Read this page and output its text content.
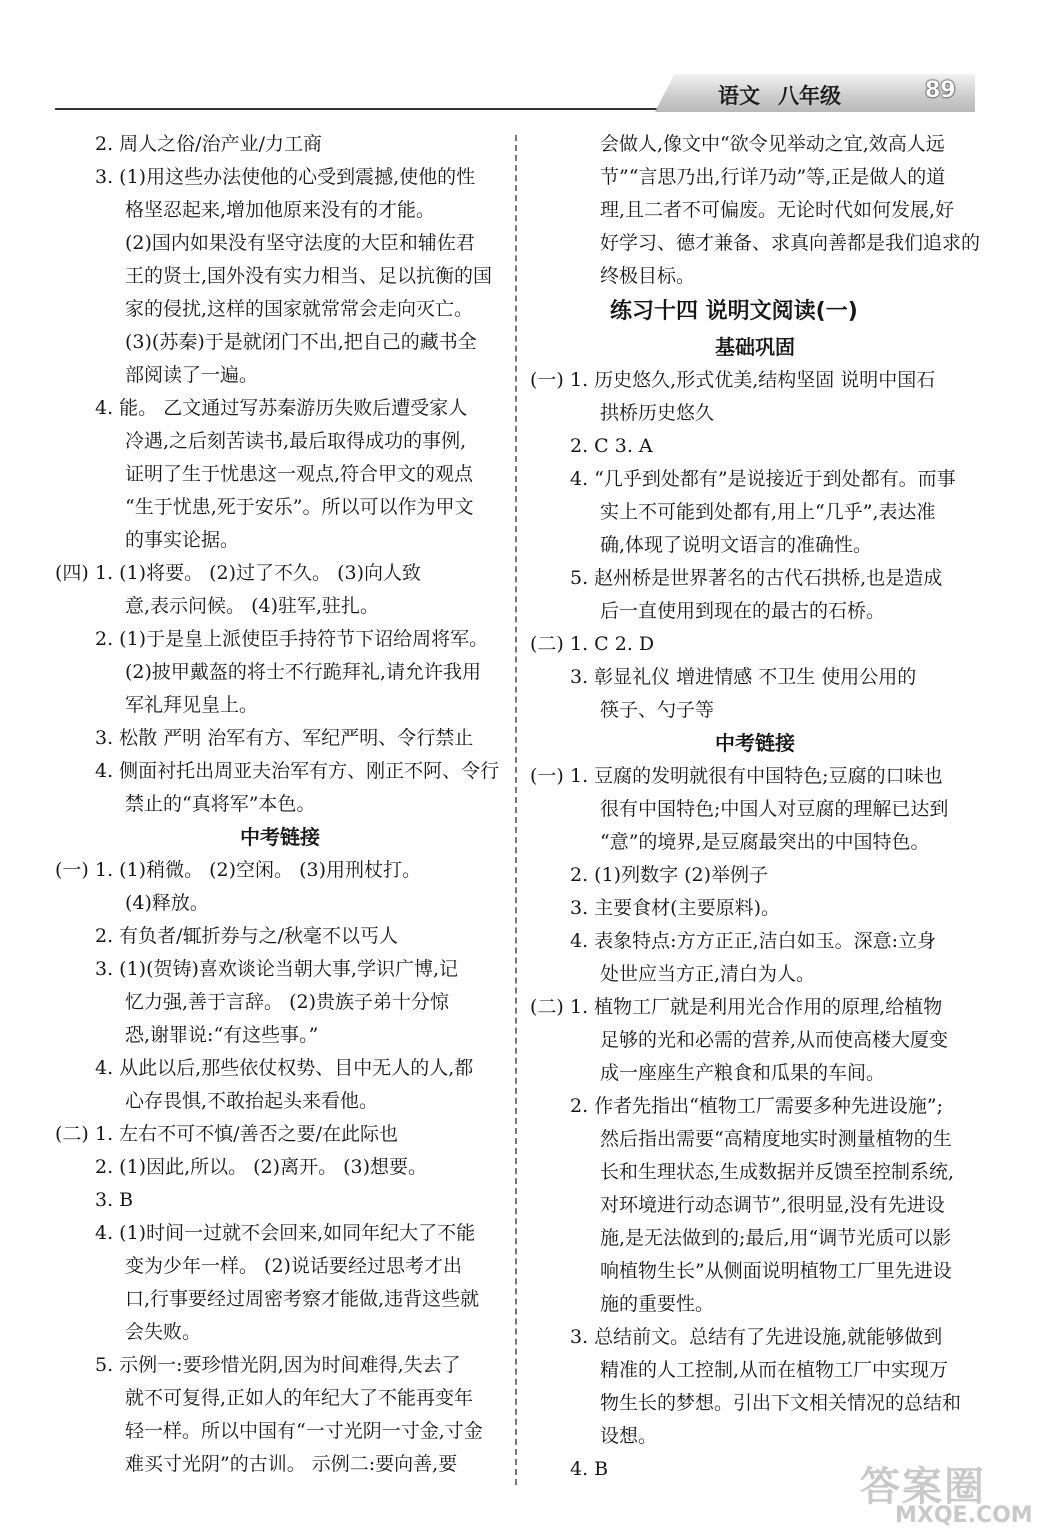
语文 八年级	89
2. 周人之俗/治产业/力工商
3. (1)用这些办法使他的心受到震撼,使他的性
格坚忍起来,增加他原来没有的才能。
(2)国内如果没有坚守法度的大臣和辅佐君
王的贤士,国外没有实力相当、足以抗衡的国
家的侵扰,这样的国家就常常会走向灭亡。
(3)(苏秦)于是就闭门不出,把自己的藏书全
部阅读了一遍。
4. 能。 乙文通过写苏秦游历失败后遭受家人
冷遇,之后刻苦读书,最后取得成功的事例,
证明了生于忧患这一观点,符合甲文的观点
“生于忧患,死于安乐”。所以可以作为甲文
的事实论据。
(四) 1. (1)将要。 (2)过了不久。 (3)向人致
意,表示问候。 (4)驻军,驻扎。
2. (1)于是皇上派使臣手持符节下诏给周将军。
(2)披甲戴盔的将士不行跪拜礼,请允许我用
军礼拜见皇上。
3. 松散 严明 治军有方、军纪严明、令行禁止
4. 侧面衬托出周亚夫治军有方、刚正不阿、令行
禁止的“真将军”本色。
中考链接
(一) 1. (1)稍微。 (2)空闲。 (3)用刑杖打。
(4)释放。
2. 有负者/辄折券与之/秋毫不以丐人
3. (1)(贺铸)喜欢谈论当朝大事,学识广博,记
忆力强,善于言辞。 (2)贵族子弟十分惊
恐,谢罪说:“有这些事。”
4. 从此以后,那些依仗权势、目中无人的人,都
心存畏惧,不敢抬起头来看他。
(二) 1. 左右不可不慎/善否之要/在此际也
2. (1)因此,所以。 (2)离开。 (3)想要。
3. B
4. (1)时间一过就不会回来,如同年纪大了不能
变为少年一样。 (2)说话要经过思考才出
口,行事要经过周密考察才能做,违背这些就
会失败。
5. 示例一:要珍惜光阴,因为时间难得,失去了
就不可复得,正如人的年纪大了不能再变年
轻一样。所以中国有“一寸光阴一寸金,寸金
难买寸光阴”的古训。 示例二:要向善,要
会做人,像文中“欲令见举动之宜,效高人远
节”“言思乃出,行详乃动”等,正是做人的道
理,且二者不可偏废。无论时代如何发展,好
好学习、德才兼备、求真向善都是我们追求的
终极目标。
练习十四 说明文阅读(一)
基础巩固
(一) 1. 历史悠久,形式优美,结构坚固 说明中国石
拱桥历史悠久
2. C 3. A
4. “几乎到处都有”是说接近于到处都有。而事
实上不可能到处都有,用上“几乎”,表达准
确,体现了说明文语言的准确性。
5. 赵州桥是世界著名的古代石拱桥,也是造成
后一直使用到现在的最古的石桥。
(二) 1. C 2. D
3. 彰显礼仪 增进情感 不卫生 使用公用的
筷子、勺子等
中考链接
(一) 1. 豆腐的发明就很有中国特色;豆腐的口味也
很有中国特色;中国人对豆腐的理解已达到
“意”的境界,是豆腐最突出的中国特色。
2. (1)列数字 (2)举例子
3. 主要食材(主要原料)。
4. 表象特点:方方正正,洁白如玉。深意:立身
处世应当方正,清白为人。
(二) 1. 植物工厂就是利用光合作用的原理,给植物
足够的光和必需的营养,从而使高楼大厦变
成一座座生产粮食和瓜果的车间。
2. 作者先指出“植物工厂需要多种先进设施”;
然后指出需要“高精度地实时测量植物的生
长和生理状态,生成数据并反馈至控制系统,
对环境进行动态调节”,很明显,没有先进设
施,是无法做到的;最后,用“调节光质可以影
响植物生长”从侧面说明植物工厂里先进设
施的重要性。
3. 总结前文。总结有了先进设施,就能够做到
精准的人工控制,从而在植物工厂中实现万
物生长的梦想。引出下文相关情况的总结和
设想。
4. B	答案圈
MXQE.COM
